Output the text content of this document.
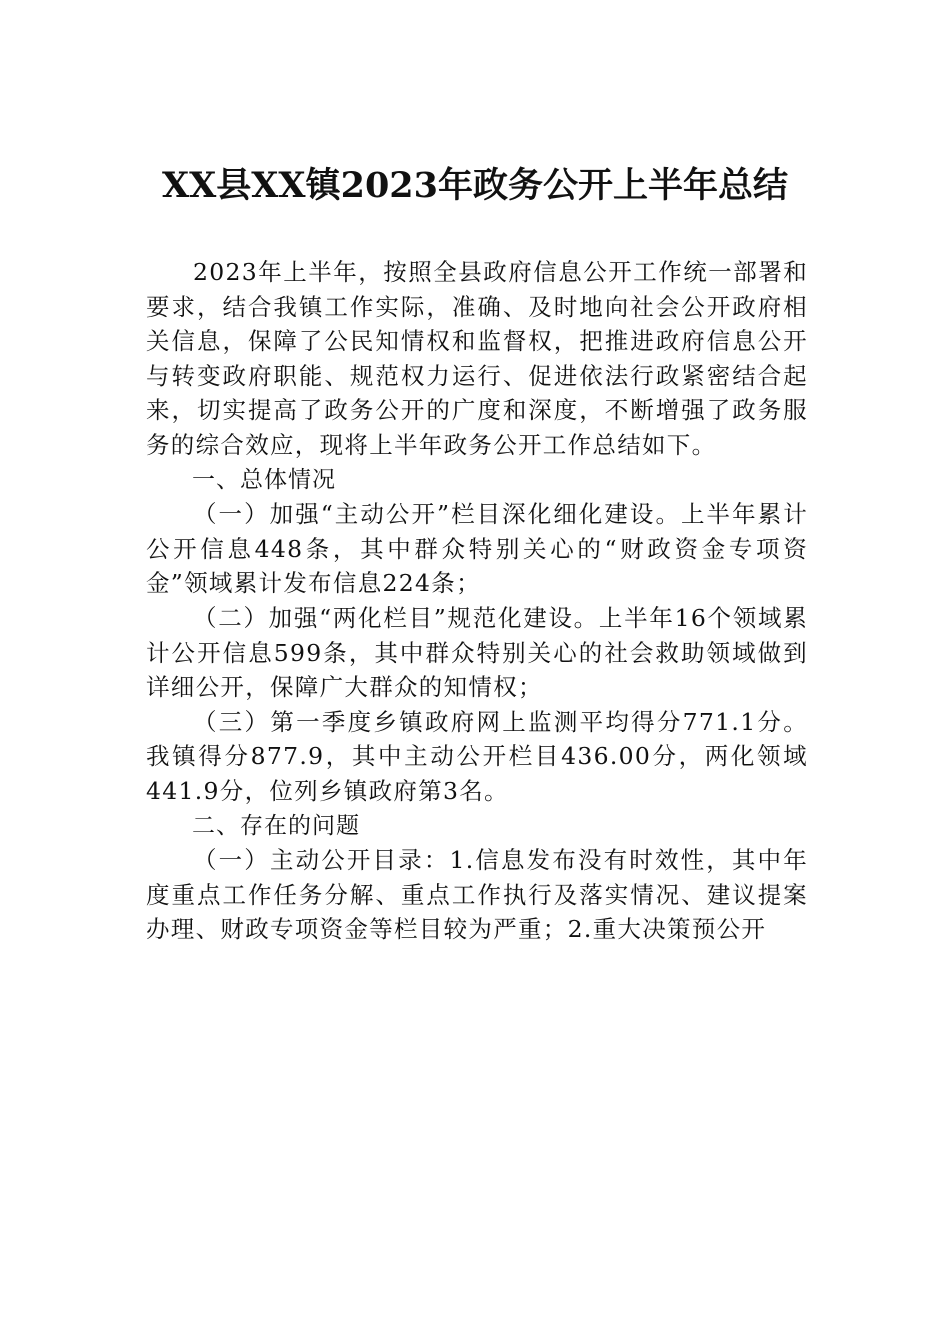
XX县XX镇2023年政务公开上半年总结

2023年上半年，按照全县政府信息公开工作统一部署和要求，结合我镇工作实际，准确、及时地向社会公开政府相关信息，保障了公民知情权和监督权，把推进政府信息公开与转变政府职能、规范权力运行、促进依法行政紧密结合起来，切实提高了政务公开的广度和深度，不断增强了政务服务的综合效应，现将上半年政务公开工作总结如下。

一、总体情况

（一）加强“主动公开”栏目深化细化建设。上半年累计公开信息448条，其中群众特别关心的“财政资金专项资金”领域累计发布信息224条；

（二）加强“两化栏目”规范化建设。上半年16个领域累计公开信息599条，其中群众特别关心的社会救助领域做到详细公开，保障广大群众的知情权；

（三）第一季度乡镇政府网上监测平均得分771.1分。我镇得分877.9，其中主动公开栏目436.00分，两化领域441.9分，位列乡镇政府第3名。

二、存在的问题

（一）主动公开目录：1.信息发布没有时效性，其中年度重点工作任务分解、重点工作执行及落实情况、建议提案办理、财政专项资金等栏目较为严重；2.重大决策预公开
